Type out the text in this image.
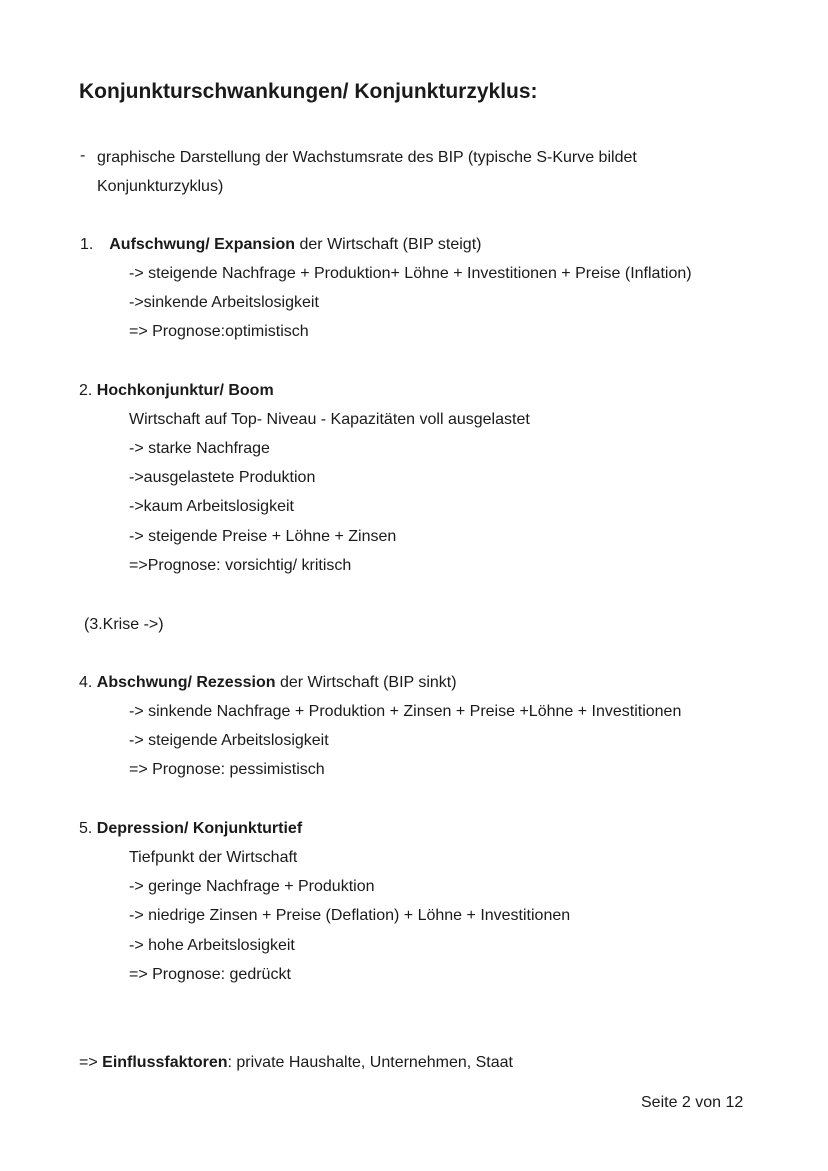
Konjunkturschwankungen/ Konjunkturzyklus:
- graphische Darstellung der Wachstumsrate des BIP (typische S-Kurve bildet
Konjunkturzyklus)
1. Aufschwung/ Expansion der Wirtschaft (BIP steigt)
-> steigende Nachfrage + Produktion+ Löhne + Investitionen + Preise (Inflation)
->sinkende Arbeitslosigkeit
=> Prognose:optimistisch
2. Hochkonjunktur/ Boom
Wirtschaft auf Top- Niveau - Kapazitäten voll ausgelastet
-> starke Nachfrage
->ausgelastete Produktion
->kaum Arbeitslosigkeit
-> steigende Preise + Löhne + Zinsen
=>Prognose: vorsichtig/ kritisch
(3.Krise ->)
4. Abschwung/ Rezession der Wirtschaft (BIP sinkt)
-> sinkende Nachfrage + Produktion + Zinsen + Preise +Löhne + Investitionen
-> steigende Arbeitslosigkeit
=> Prognose: pessimistisch
5. Depression/ Konjunkturtief
Tiefpunkt der Wirtschaft
-> geringe Nachfrage + Produktion
-> niedrige Zinsen + Preise (Deflation) + Löhne + Investitionen
-> hohe Arbeitslosigkeit
=> Prognose: gedrückt
=> Einflussfaktoren: private Haushalte, Unternehmen, Staat
Seite 2 von 12
